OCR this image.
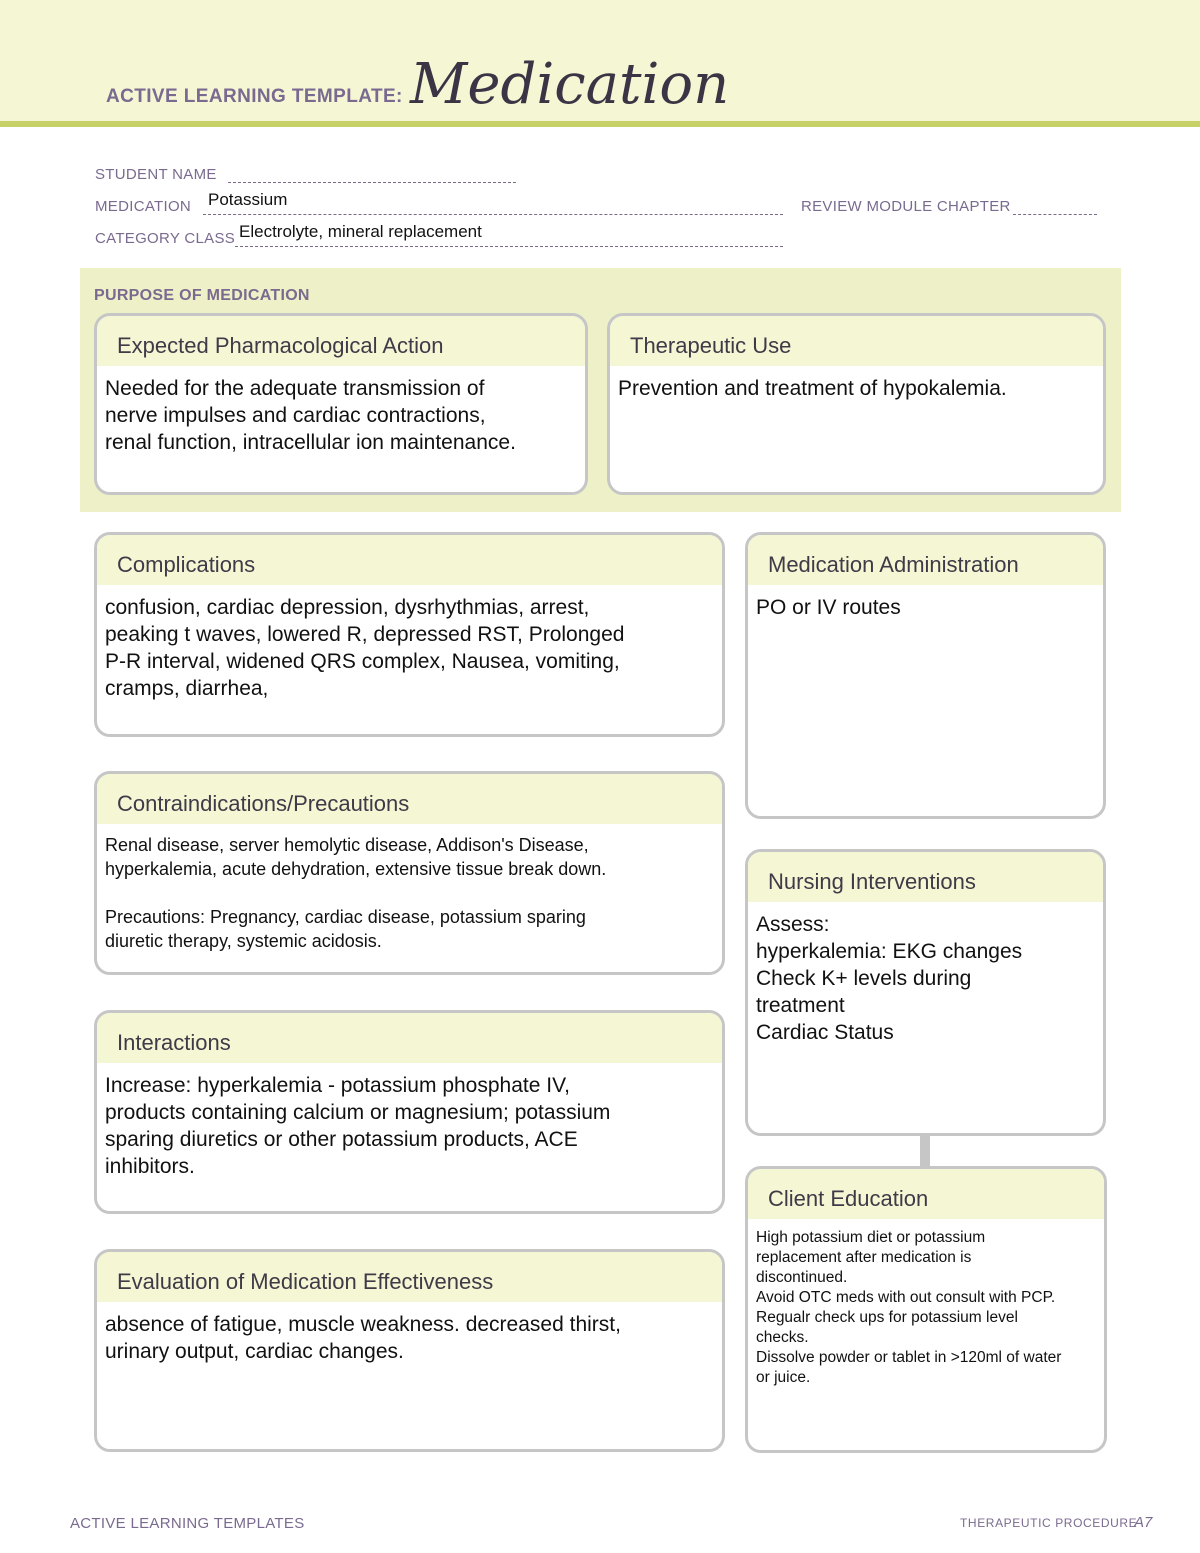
ACTIVE LEARNING TEMPLATE: Medication
STUDENT NAME
MEDICATION Potassium	REVIEW MODULE CHAPTER
CATEGORY CLASS Electrolyte, mineral replacement
PURPOSE OF MEDICATION
Expected Pharmacological Action
Needed for the adequate transmission of
nerve impulses and cardiac contractions,
renal function, intracellular ion maintenance.
Therapeutic Use
Prevention and treatment of hypokalemia.
Complications
confusion, cardiac depression, dysrhythmias, arrest,
peaking t waves, lowered R, depressed RST, Prolonged
P-R interval, widened QRS complex, Nausea, vomiting,
cramps, diarrhea,
Contraindications/Precautions
Renal disease, server hemolytic disease, Addison's Disease,
hyperkalemia, acute dehydration, extensive tissue break down.

Precautions: Pregnancy, cardiac disease, potassium sparing
diuretic therapy, systemic acidosis.
Interactions
Increase: hyperkalemia - potassium phosphate IV,
products containing calcium or magnesium; potassium
sparing diuretics or other potassium products, ACE
inhibitors.
Evaluation of Medication Effectiveness
absence of fatigue, muscle weakness. decreased thirst,
urinary output, cardiac changes.
Medication Administration
PO or IV routes
Nursing Interventions
Assess:
hyperkalemia: EKG changes
Check K+ levels during
treatment
Cardiac Status
Client Education
High potassium diet or potassium
replacement after medication is
discontinued.
Avoid OTC meds with out consult with PCP.
Regualr check ups for potassium level
checks.
Dissolve powder or tablet in >120ml of water
or juice.
ACTIVE LEARNING TEMPLATES	THERAPEUTIC PROCEDURE
A7
